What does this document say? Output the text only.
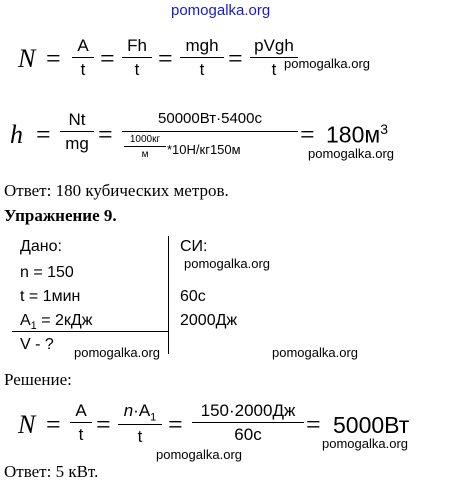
pomogalka.org
N = A
t = Fh
t = mgh
t = pVgh
t pomogalka.org
h =
Nt
mg =
50000Вт·5400с
1000кг
м	*10Н/кг150м
= $180м^3$
pomogalka.org
Ответ: 180 кубических метров.
Упражнение 9.
Дано:	СИ:
n = 150
t = 1мин	60с
$A_1 = 2кДж$	2000Дж
V - ?
pomogalka.org
pomogalka.org	pomogalka.org
Решение:
N = A
$t = n\cdot A_1$
t =	150·2000Дж
60с	= 5000Вт
pomogalka.org
pomogalka.org
Ответ: 5 кВт.
